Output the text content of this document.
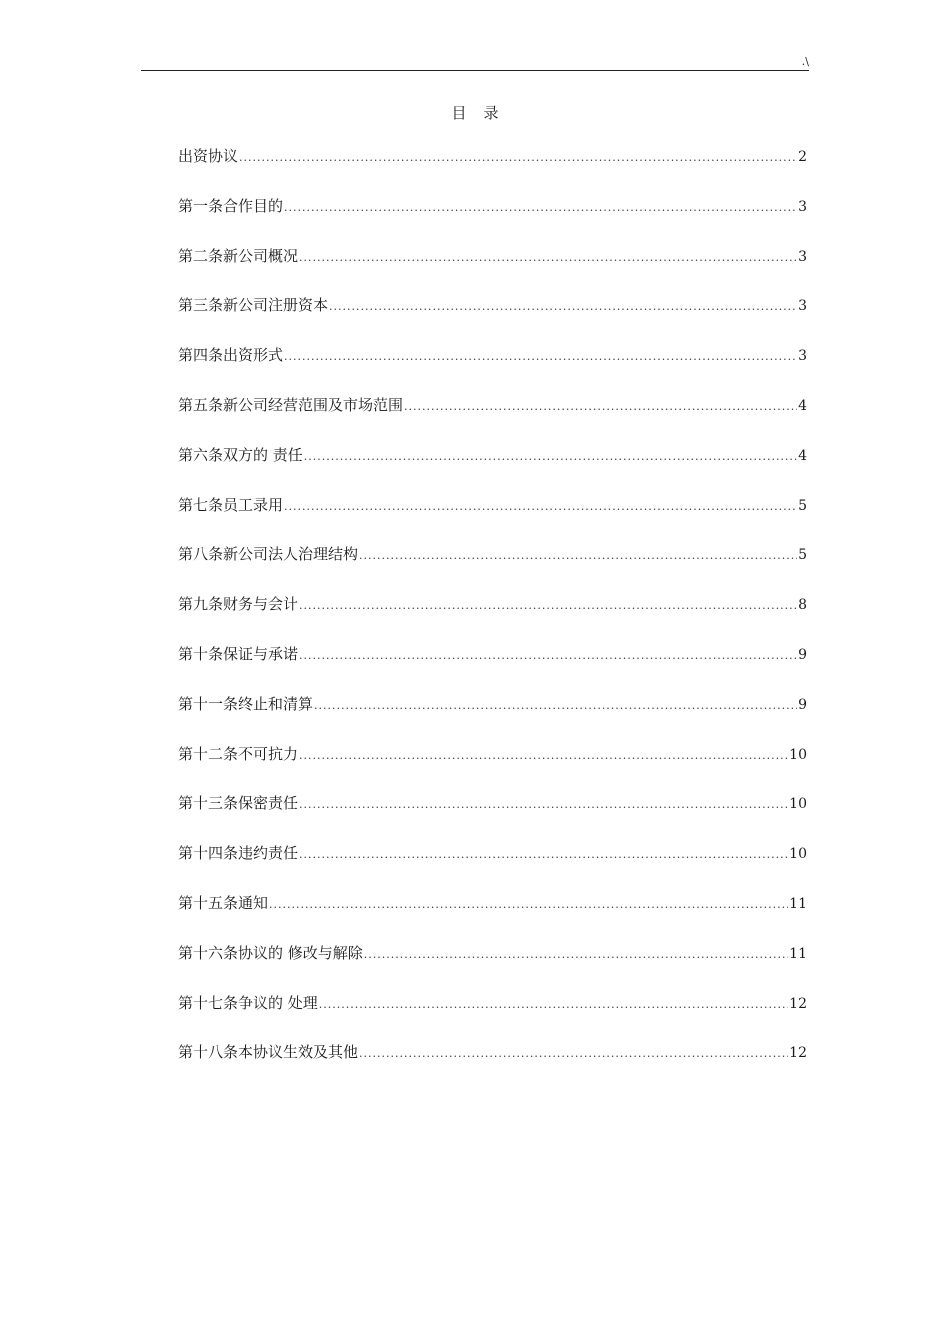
.\
目录
出资协议 .....	2
第一条 合作目的 .....	3
第二条 新公司概况 .....	3
第三条 新公司注册资本 .....	3
第四条 出资形式 .....	3
第五条 新公司经营范围及市场范围 .....	4
第六条 双方的 责任 .....	4
第七条 员工录用 .....	5
第八条 新公司法人治理结构 .....	5
第九条 财务与会计 .....	8
第十条 保证与承诺 .....	9
第十一条 终止和清算 .....	9
第十二条 不可抗力 .....	10
第十三条 保密责任 .....	10
第十四条 违约责任 .....	10
第十五条 通知 .....	11
第十六条 协议的 修改与解除 .....	11
第十七条 争议的 处理 .....	12
第十八条 本协议生效及其他 .....	12
